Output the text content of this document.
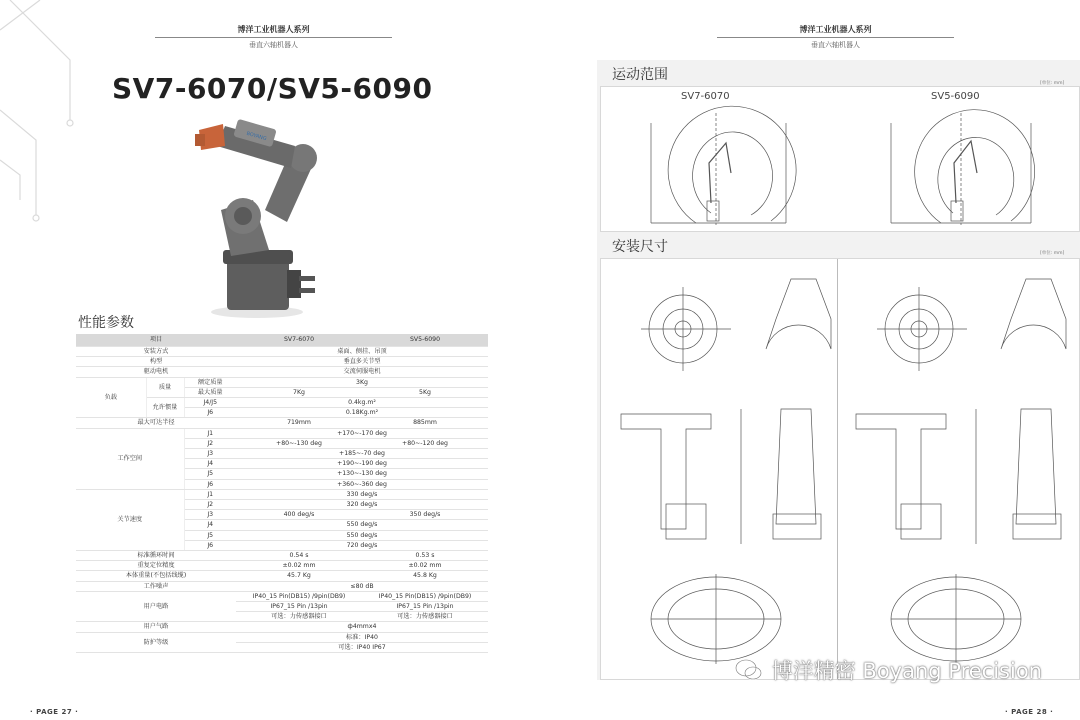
博洋工业机器人系列
垂直六轴机器人
SV7-6070/SV5-6090
BOYANG
性能参数
项目			SV7-6070	SV5-6090
安装方式			桌面、侧挂、吊顶	
构型			垂直多关节型	
驱动电机			交流伺服电机	
负载	质量	额定质量	3Kg	
		最大质量	7Kg	5Kg
	允许惯量	J4/J5	0.4kg.m²	
		J6	0.18Kg.m²	
最大可达半径			719mm	885mm
工作空间		J1	+170~-170 deg	
		J2	+80~-130 deg	+80~-120 deg
		J3	+185~-70 deg	
		J4	+190~-190 deg	
		J5	+130~-130 deg	
		J6	+360~-360 deg	
关节速度		J1	330 deg/s	
		J2	320 deg/s	
		J3	400 deg/s	350 deg/s
		J4	550 deg/s	
		J5	550 deg/s	
		J6	720 deg/s	
标准循环时间			0.54 s	0.53 s
重复定位精度			±0.02 mm	±0.02 mm
本体重量(不包括线缆)			45.7 Kg	45.8 Kg
工作噪声			≤80 dB	
用户电路			IP40_15 Pin(DB15) /9pin(DB9)	IP40_15 Pin(DB15) /9pin(DB9)
			IP67_15 Pin /13pin	IP67_15 Pin /13pin
			可选：力传感器接口	可选：力传感器接口
用户气路			ф4mmx4	
防护等级			标准：IP40	
			可选：IP40 IP67	
· PAGE 27 ·
博洋工业机器人系列
垂直六轴机器人
运动范围
[单位: mm]
SV7-6070	SV5-6090
安装尺寸	[单位: mm]
博洋精密 Boyang Precision
· PAGE 28 ·
